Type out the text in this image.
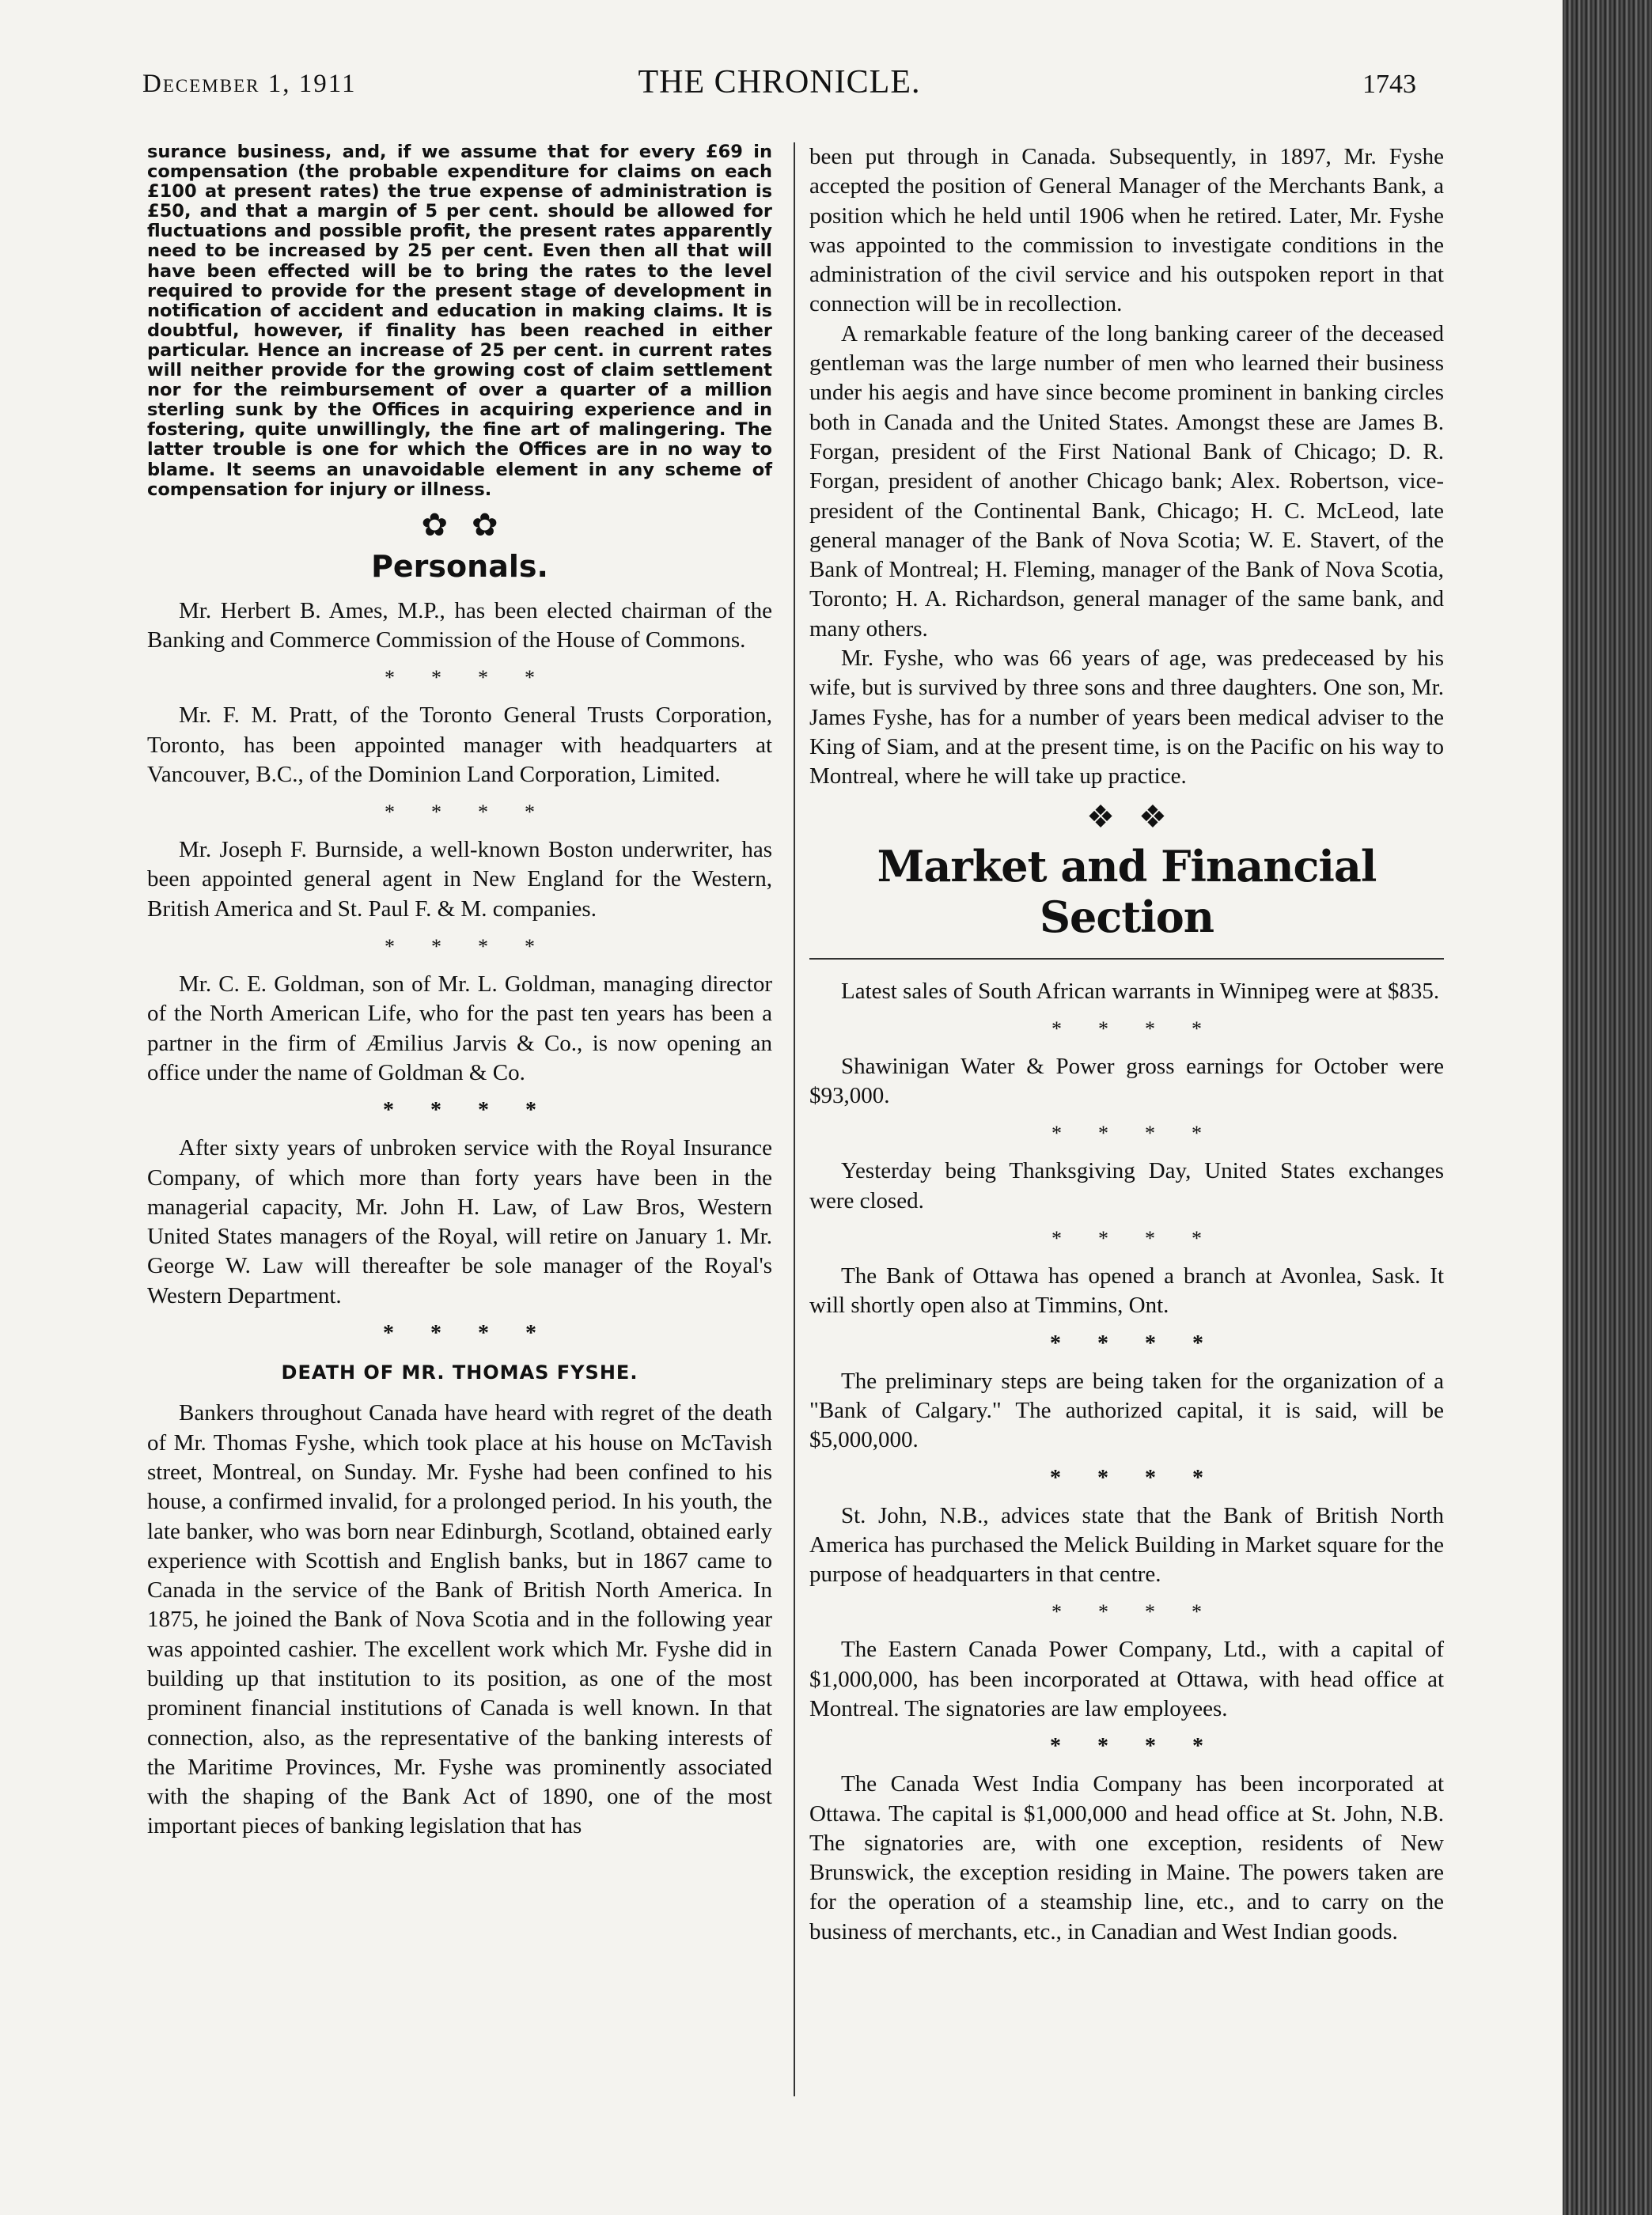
December 1, 1911	THE CHRONICLE.	1743

surance business, and, if we assume that for every £69 in compensation (the probable expenditure for claims on each £100 at present rates) the true expense of administration is £50, and that a margin of 5 per cent. should be allowed for fluctuations and possible profit, the present rates apparently need to be increased by 25 per cent. Even then all that will have been effected will be to bring the rates to the level required to provide for the present stage of development in notification of accident and education in making claims. It is doubtful, however, if finality has been reached in either particular. Hence an increase of 25 per cent. in current rates will neither provide for the growing cost of claim settlement nor for the reimbursement of over a quarter of a million sterling sunk by the Offices in acquiring experience and in fostering, quite unwillingly, the fine art of malingering. The latter trouble is one for which the Offices are in no way to blame. It seems an unavoidable element in any scheme of compensation for injury or illness.

✿✿
Personals.

Mr. Herbert B. Ames, M.P., has been elected chairman of the Banking and Commerce Commission of the House of Commons.

****

Mr. F. M. Pratt, of the Toronto General Trusts Corporation, Toronto, has been appointed manager with headquarters at Vancouver, B.C., of the Dominion Land Corporation, Limited.

****

Mr. Joseph F. Burnside, a well-known Boston underwriter, has been appointed general agent in New England for the Western, British America and St. Paul F. & M. companies.

****

Mr. C. E. Goldman, son of Mr. L. Goldman, managing director of the North American Life, who for the past ten years has been a partner in the firm of Æmilius Jarvis & Co., is now opening an office under the name of Goldman & Co.

****

After sixty years of unbroken service with the Royal Insurance Company, of which more than forty years have been in the managerial capacity, Mr. John H. Law, of Law Bros, Western United States managers of the Royal, will retire on January 1. Mr. George W. Law will thereafter be sole manager of the Royal's Western Department.

****
DEATH OF MR. THOMAS FYSHE.

Bankers throughout Canada have heard with regret of the death of Mr. Thomas Fyshe, which took place at his house on McTavish street, Montreal, on Sunday. Mr. Fyshe had been confined to his house, a confirmed invalid, for a prolonged period. In his youth, the late banker, who was born near Edinburgh, Scotland, obtained early experience with Scottish and English banks, but in 1867 came to Canada in the service of the Bank of British North America. In 1875, he joined the Bank of Nova Scotia and in the following year was appointed cashier. The excellent work which Mr. Fyshe did in building up that institution to its position, as one of the most prominent financial institutions of Canada is well known. In that connection, also, as the representative of the banking interests of the Maritime Provinces, Mr. Fyshe was prominently associated with the shaping of the Bank Act of 1890, one of the most important pieces of banking legislation that has

been put through in Canada. Subsequently, in 1897, Mr. Fyshe accepted the position of General Manager of the Merchants Bank, a position which he held until 1906 when he retired. Later, Mr. Fyshe was appointed to the commission to investigate conditions in the administration of the civil service and his outspoken report in that connection will be in recollection.

A remarkable feature of the long banking career of the deceased gentleman was the large number of men who learned their business under his aegis and have since become prominent in banking circles both in Canada and the United States. Amongst these are James B. Forgan, president of the First National Bank of Chicago; D. R. Forgan, president of another Chicago bank; Alex. Robertson, vice-president of the Continental Bank, Chicago; H. C. McLeod, late general manager of the Bank of Nova Scotia; W. E. Stavert, of the Bank of Montreal; H. Fleming, manager of the Bank of Nova Scotia, Toronto; H. A. Richardson, general manager of the same bank, and many others.

Mr. Fyshe, who was 66 years of age, was predeceased by his wife, but is survived by three sons and three daughters. One son, Mr. James Fyshe, has for a number of years been medical adviser to the King of Siam, and at the present time, is on the Pacific on his way to Montreal, where he will take up practice.

❖❖
Market and Financial Section

Latest sales of South African warrants in Winnipeg were at $835.

****

Shawinigan Water & Power gross earnings for October were $93,000.

****

Yesterday being Thanksgiving Day, United States exchanges were closed.

****

The Bank of Ottawa has opened a branch at Avonlea, Sask. It will shortly open also at Timmins, Ont.

****

The preliminary steps are being taken for the organization of a "Bank of Calgary." The authorized capital, it is said, will be $5,000,000.

****

St. John, N.B., advices state that the Bank of British North America has purchased the Melick Building in Market square for the purpose of headquarters in that centre.

****

The Eastern Canada Power Company, Ltd., with a capital of $1,000,000, has been incorporated at Ottawa, with head office at Montreal. The signatories are law employees.

****

The Canada West India Company has been incorporated at Ottawa. The capital is $1,000,000 and head office at St. John, N.B. The signatories are, with one exception, residents of New Brunswick, the exception residing in Maine. The powers taken are for the operation of a steamship line, etc., and to carry on the business of merchants, etc., in Canadian and West Indian goods.
